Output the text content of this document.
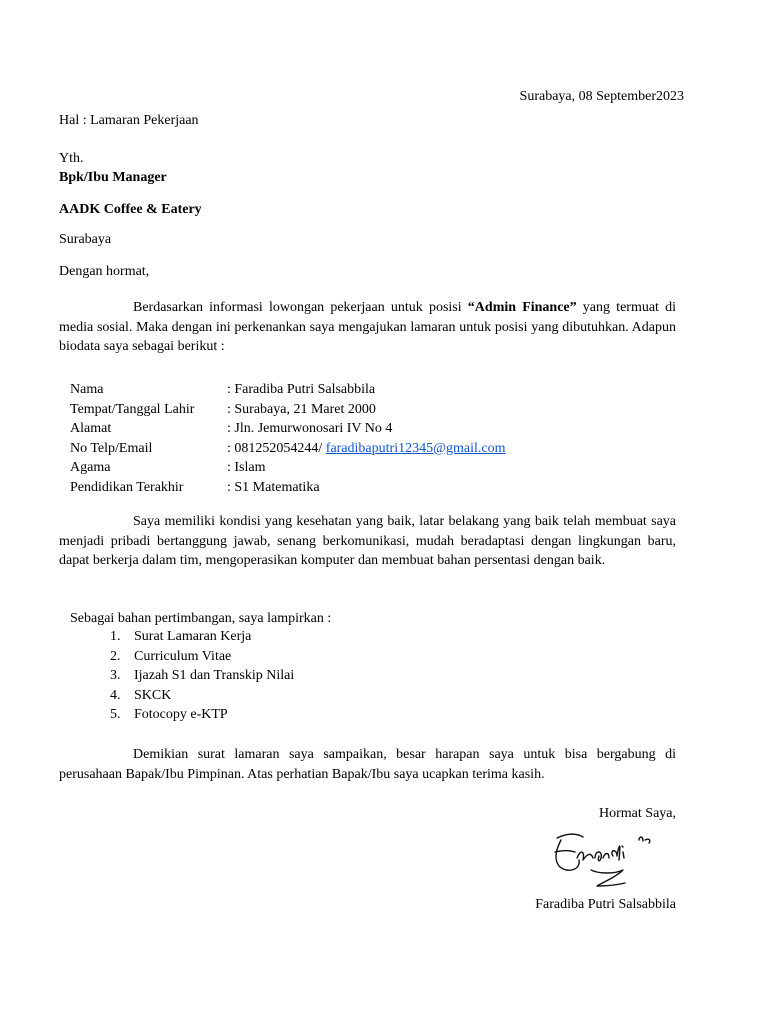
Surabaya, 08 September2023
Hal : Lamaran Pekerjaan
Yth.
Bpk/Ibu Manager
AADK Coffee & Eatery
Surabaya
Dengan hormat,
Berdasarkan informasi lowongan pekerjaan untuk posisi “Admin Finance” yang termuat di media sosial. Maka dengan ini perkenankan saya mengajukan lamaran untuk posisi yang dibutuhkan. Adapun biodata saya sebagai berikut :
Nama	: Faradiba Putri Salsabbila
Tempat/Tanggal Lahir : Surabaya, 21 Maret 2000
Alamat	: Jln. Jemurwonosari IV No 4
No Telp/Email	: 081252054244/ faradibaputri12345@gmail.com
Agama	: Islam
Pendidikan Terakhir	: S1 Matematika
Saya memiliki kondisi yang kesehatan yang baik, latar belakang yang baik telah membuat saya menjadi pribadi bertanggung jawab, senang berkomunikasi, mudah beradaptasi dengan lingkungan baru, dapat berkerja dalam tim, mengoperasikan komputer dan membuat bahan persentasi dengan baik.
Sebagai bahan pertimbangan, saya lampirkan :
1. Surat Lamaran Kerja
2. Curriculum Vitae
3. Ijazah S1 dan Transkip Nilai
4. SKCK
5. Fotocopy e-KTP
Demikian surat lamaran saya sampaikan, besar harapan saya untuk bisa bergabung di perusahaan Bapak/Ibu Pimpinan. Atas perhatian Bapak/Ibu saya ucapkan terima kasih.
Hormat Saya,
Faradiba Putri Salsabbila
